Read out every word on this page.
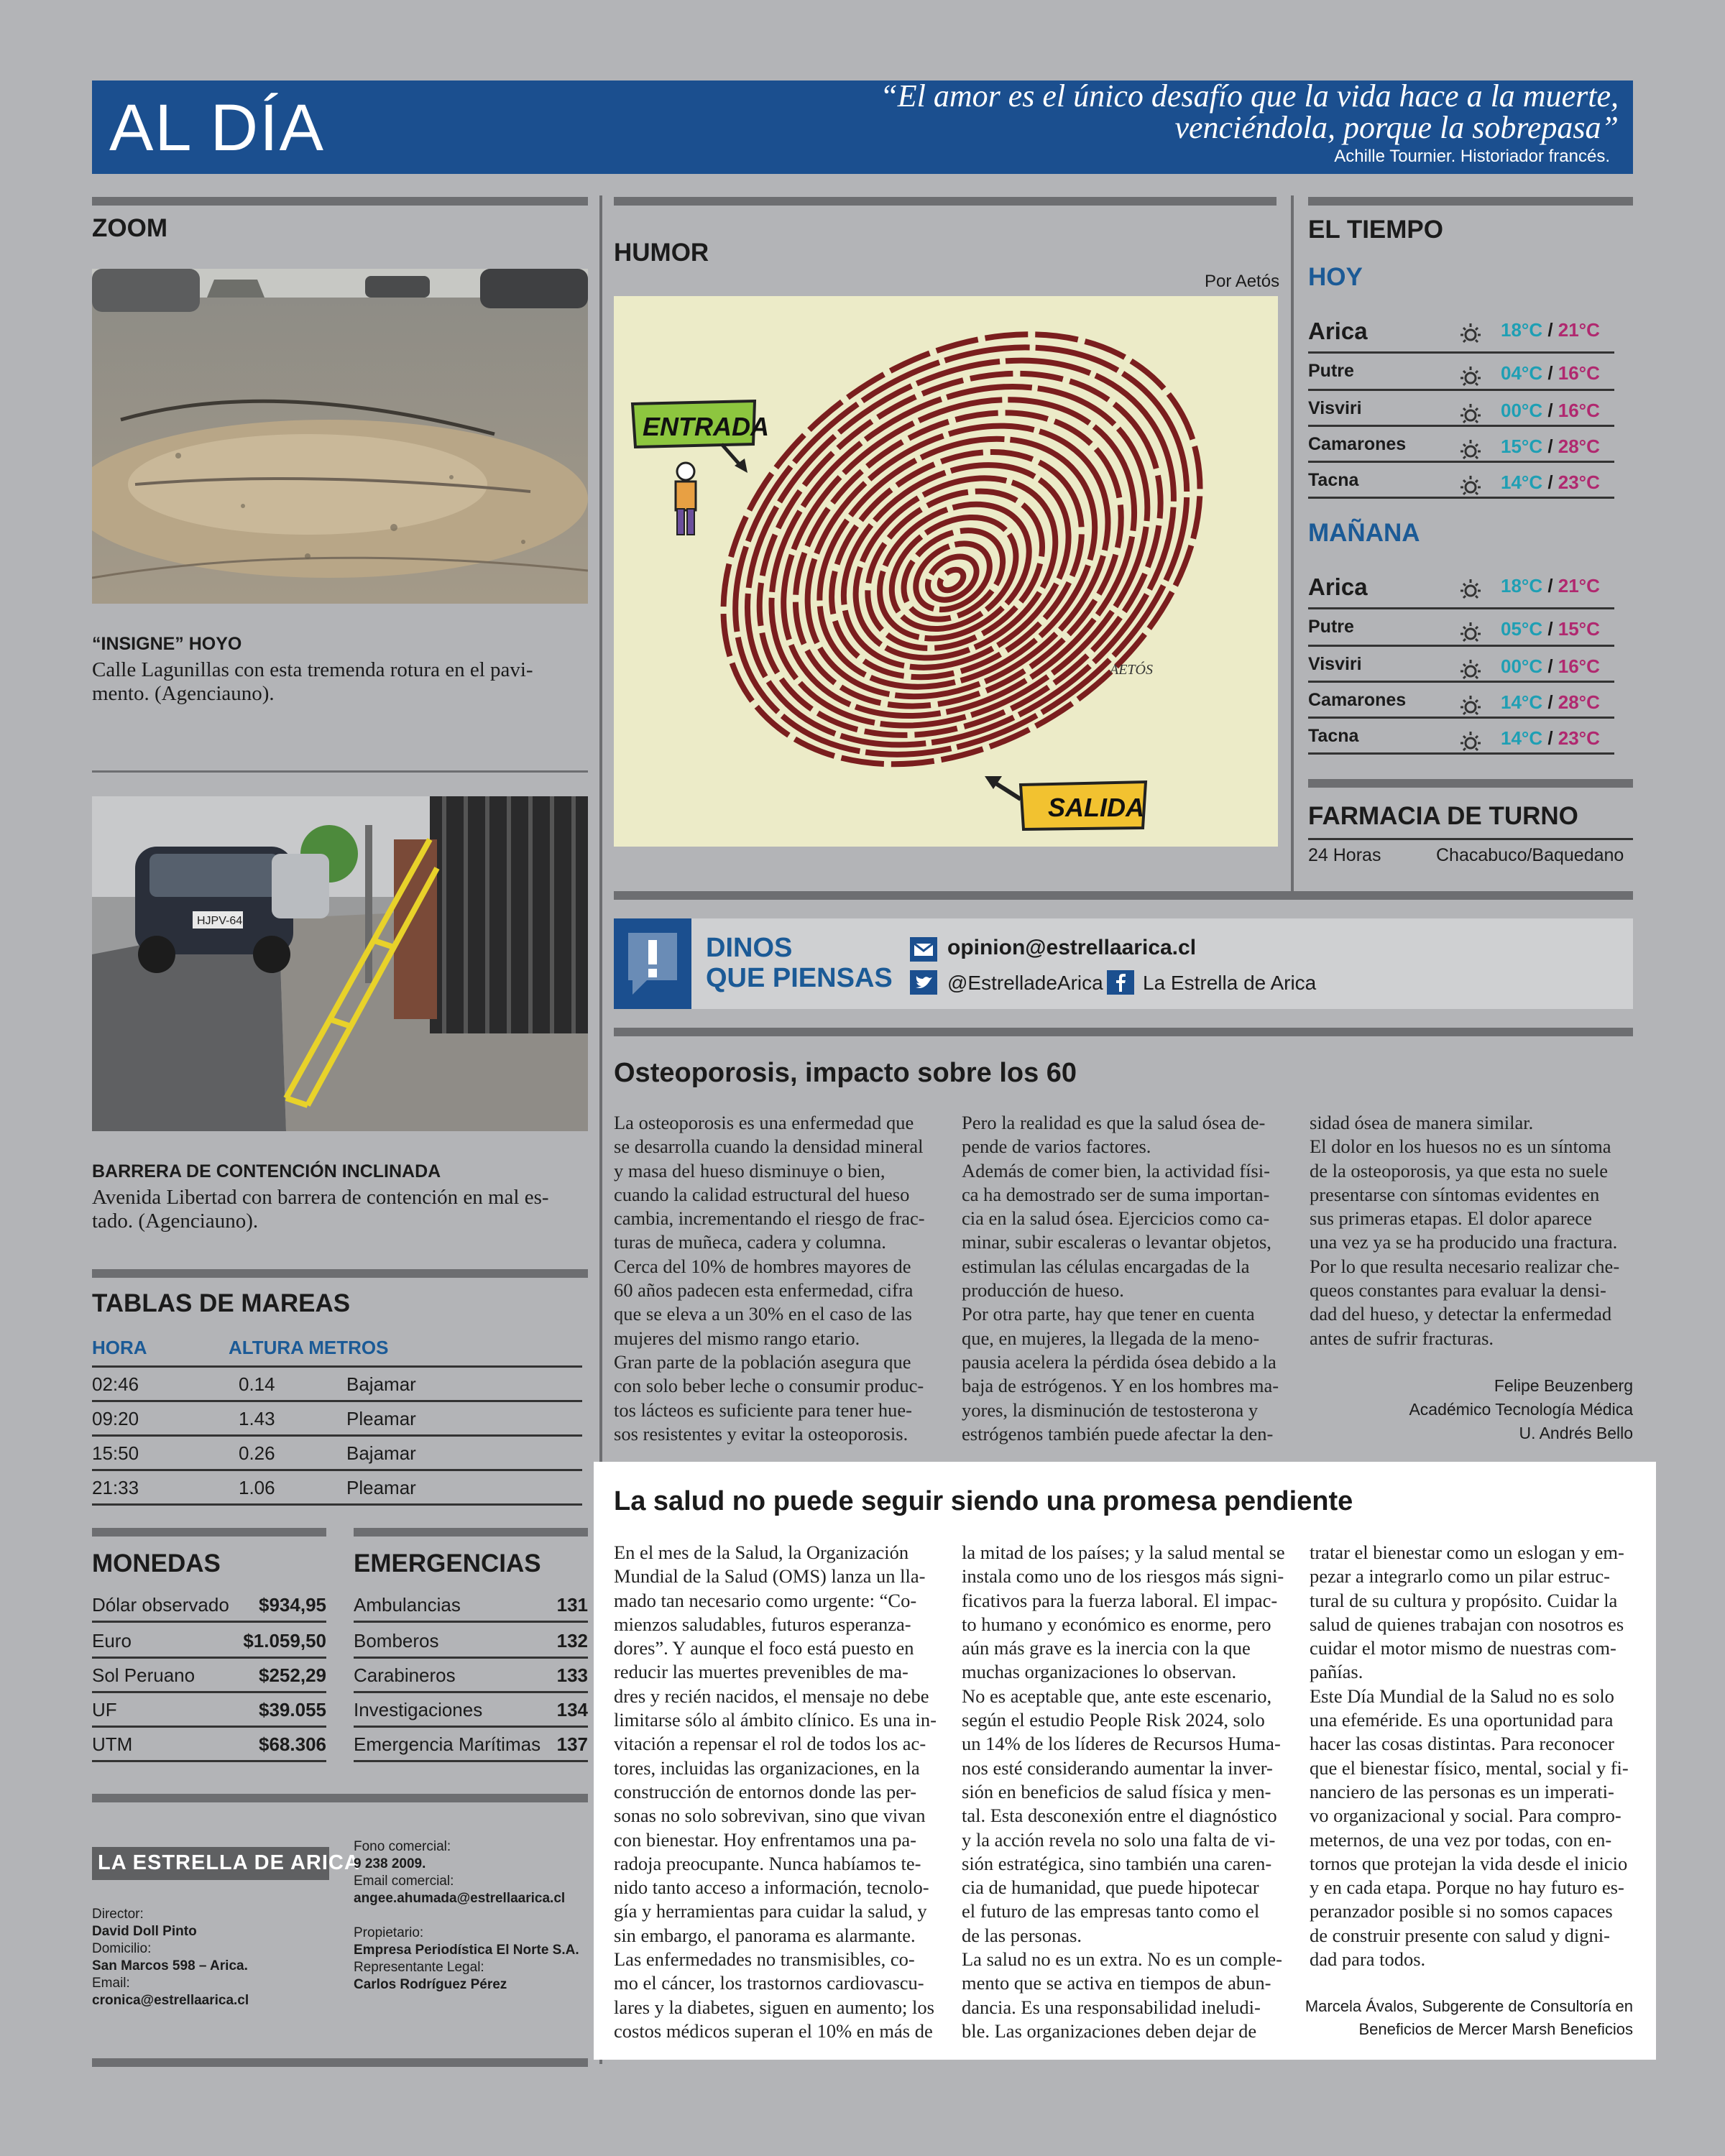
AL DÍA	“El amor es el único desafío que la vida hace a la muerte,
venciéndola, porque la sobrepasa”
Achille Tournier. Historiador francés.
ZOOM
“INSIGNE” HOYO
Calle Lagunillas con esta tremenda rotura en el pavi-
mento. (Agenciauno).
HJPV-64
BARRERA DE CONTENCIÓN INCLINADA
Avenida Libertad con barrera de contención en mal es-
tado. (Agenciauno).
TABLAS DE MAREAS
HORA	ALTURA METROS
02:46	0.14	Bajamar
09:20	1.43	Pleamar
15:50	0.26	Bajamar
21:33	1.06	Pleamar
MONEDAS
Dólar observado $934,95
Euro	$1.059,50
Sol Peruano	$252,29
UF	$39.055
UTM	$68.306
EMERGENCIAS
Ambulancias	131
Bomberos	132
Carabineros	133
Investigaciones	134
Emergencia Marítimas 137
LA ESTRELLA DE ARICA
Director:
David Doll Pinto
Domicilio:
San Marcos 598 – Arica.
Email:
cronica@estrellaarica.cl
Fono comercial:
9 238 2009.
Email comercial:
angee.ahumada@estrellaarica.cl
Propietario:
Empresa Periodística El Norte S.A.
Representante Legal:
Carlos Rodríguez Pérez
HUMOR
Por Aetós
ENTRADA
SALIDA
AETÓS
EL TIEMPO
HOY
Arica	18°C / 21°C
Putre	04°C / 16°C
Visviri	00°C / 16°C
Camarones	15°C / 28°C
Tacna	14°C / 23°C
MAÑANA
Arica	18°C / 21°C
Putre	05°C / 15°C
Visviri	00°C / 16°C
Camarones	14°C / 28°C
Tacna	14°C / 23°C
FARMACIA DE TURNO
24 Horas	Chacabuco/Baquedano
DINOS
QUE PIENSAS
opinion@estrellaarica.cl
@EstrelladeArica La Estrella de Arica
Osteoporosis, impacto sobre los 60

La osteoporosis es una enfermedad que

se desarrolla cuando la densidad mineral

y masa del hueso disminuye o bien,

cuando la calidad estructural del hueso

cambia, incrementando el riesgo de frac-

turas de muñeca, cadera y columna.

Cerca del 10% de hombres mayores de

60 años padecen esta enfermedad, cifra

que se eleva a un 30% en el caso de las

mujeres del mismo rango etario.

Gran parte de la población asegura que

con solo beber leche o consumir produc-

tos lácteos es suficiente para tener hue-

sos resistentes y evitar la osteoporosis.

Pero la realidad es que la salud ósea de-

pende de varios factores.

Además de comer bien, la actividad físi-

ca ha demostrado ser de suma importan-

cia en la salud ósea. Ejercicios como ca-

minar, subir escaleras o levantar objetos,

estimulan las células encargadas de la

producción de hueso.

Por otra parte, hay que tener en cuenta

que, en mujeres, la llegada de la meno-

pausia acelera la pérdida ósea debido a la

baja de estrógenos. Y en los hombres ma-

yores, la disminución de testosterona y

estrógenos también puede afectar la den-

sidad ósea de manera similar.

El dolor en los huesos no es un síntoma

de la osteoporosis, ya que esta no suele

presentarse con síntomas evidentes en

sus primeras etapas. El dolor aparece

una vez ya se ha producido una fractura.

Por lo que resulta necesario realizar che-

queos constantes para evaluar la densi-

dad del hueso, y detectar la enfermedad

antes de sufrir fracturas.

Felipe Beuzenberg
Académico Tecnología Médica
U. Andrés Bello
La salud no puede seguir siendo una promesa pendiente

En el mes de la Salud, la Organización

Mundial de la Salud (OMS) lanza un lla-

mado tan necesario como urgente: “Co-

mienzos saludables, futuros esperanza-

dores”. Y aunque el foco está puesto en

reducir las muertes prevenibles de ma-

dres y recién nacidos, el mensaje no debe

limitarse sólo al ámbito clínico. Es una in-

vitación a repensar el rol de todos los ac-

tores, incluidas las organizaciones, en la

construcción de entornos donde las per-

sonas no solo sobrevivan, sino que vivan

con bienestar. Hoy enfrentamos una pa-

radoja preocupante. Nunca habíamos te-

nido tanto acceso a información, tecnolo-

gía y herramientas para cuidar la salud, y

sin embargo, el panorama es alarmante.

Las enfermedades no transmisibles, co-

mo el cáncer, los trastornos cardiovascu-

lares y la diabetes, siguen en aumento; los

costos médicos superan el 10% en más de

la mitad de los países; y la salud mental se

instala como uno de los riesgos más signi-

ficativos para la fuerza laboral. El impac-

to humano y económico es enorme, pero

aún más grave es la inercia con la que

muchas organizaciones lo observan.

No es aceptable que, ante este escenario,

según el estudio People Risk 2024, solo

un 14% de los líderes de Recursos Huma-

nos esté considerando aumentar la inver-

sión en beneficios de salud física y men-

tal. Esta desconexión entre el diagnóstico

y la acción revela no solo una falta de vi-

sión estratégica, sino también una caren-

cia de humanidad, que puede hipotecar

el futuro de las empresas tanto como el

de las personas.

La salud no es un extra. No es un comple-

mento que se activa en tiempos de abun-

dancia. Es una responsabilidad ineludi-

ble. Las organizaciones deben dejar de

tratar el bienestar como un eslogan y em-

pezar a integrarlo como un pilar estruc-

tural de su cultura y propósito. Cuidar la

salud de quienes trabajan con nosotros es

cuidar el motor mismo de nuestras com-

pañías.

Este Día Mundial de la Salud no es solo

una efeméride. Es una oportunidad para

hacer las cosas distintas. Para reconocer

que el bienestar físico, mental, social y fi-

nanciero de las personas es un imperati-

vo organizacional y social. Para compro-

meternos, de una vez por todas, con en-

tornos que protejan la vida desde el inicio

y en cada etapa. Porque no hay futuro es-

peranzador posible si no somos capaces

de construir presente con salud y digni-

dad para todos.

Marcela Ávalos, Subgerente de Consultoría en
Beneficios de Mercer Marsh Beneficios
